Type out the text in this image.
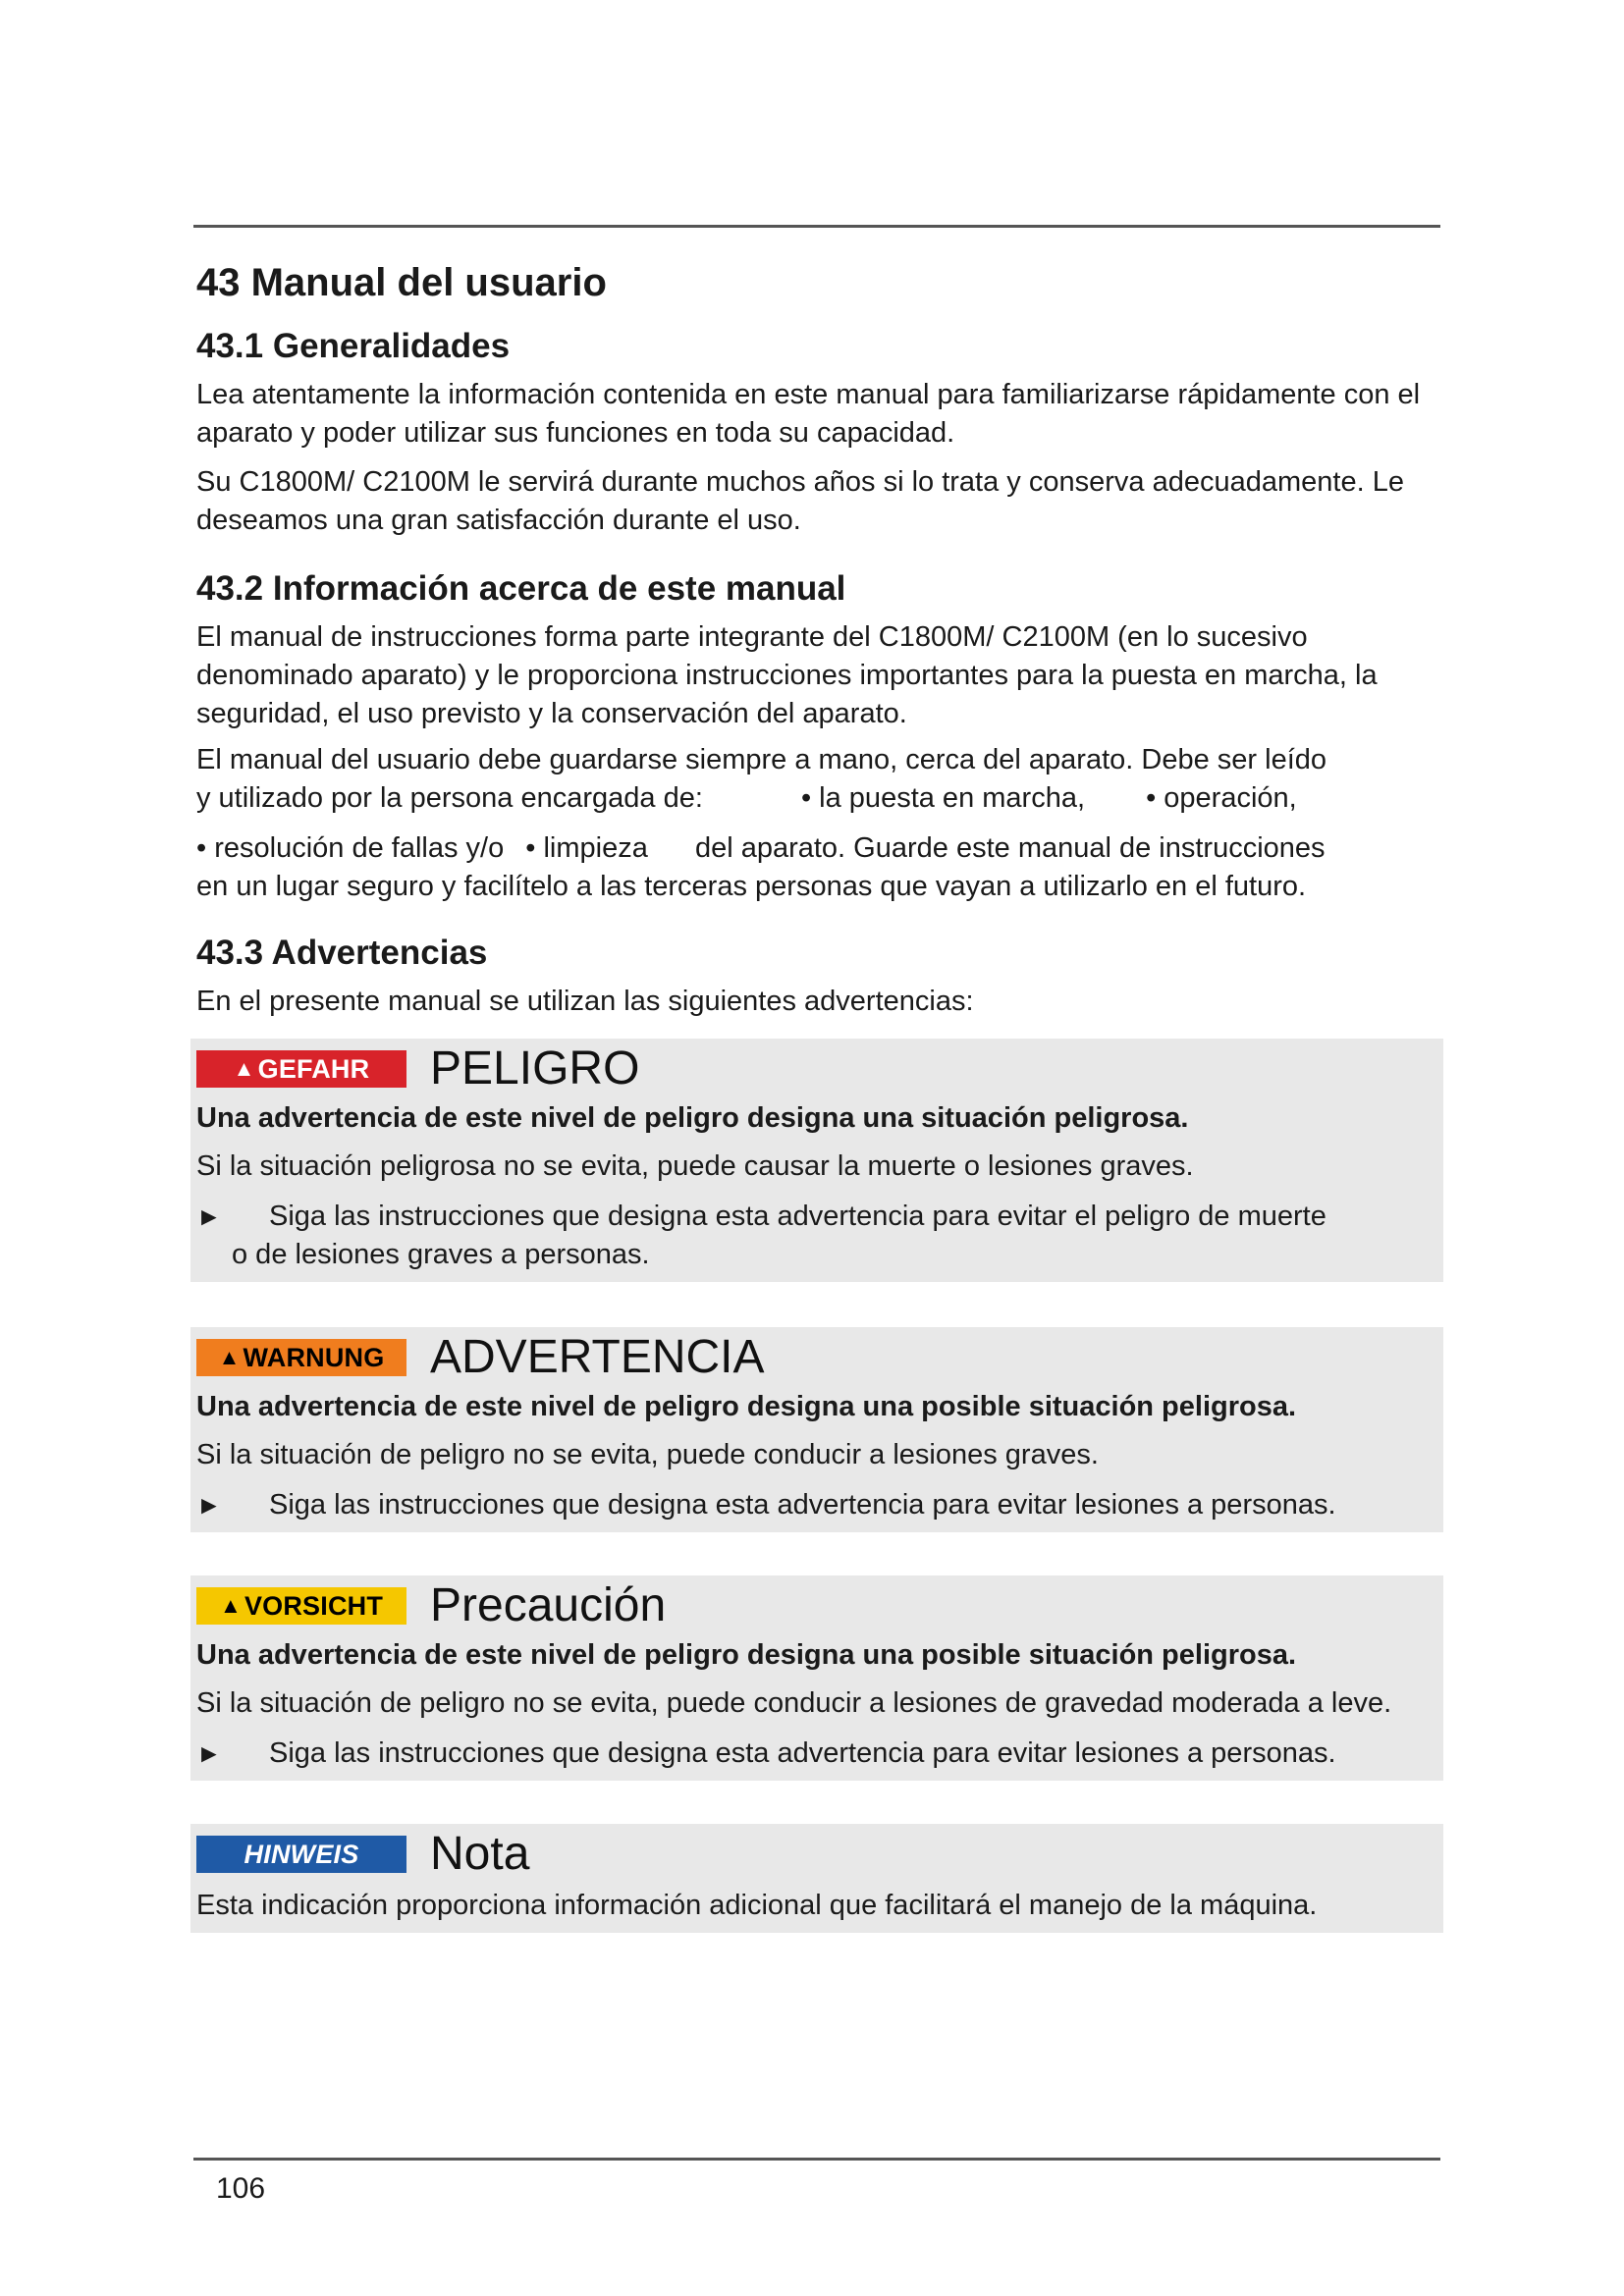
43 Manual del usuario
43.1 Generalidades

Lea atentamente la información contenida en este manual para familiarizarse rápidamente con el aparato y poder utilizar sus funciones en toda su capacidad.

Su C1800M/ C2100M le servirá durante muchos años si lo trata y conserva adecuadamente. Le deseamos una gran satisfacción durante el uso.

43.2 Información acerca de este manual

El manual de instrucciones forma parte integrante del C1800M/ C2100M (en lo sucesivo denominado aparato) y le proporciona instrucciones importantes para la puesta en marcha, la seguridad, el uso previsto y la conservación del aparato.

El manual del usuario debe guardarse siempre a mano, cerca del aparato. Debe ser leído
y utilizado por la persona encargada de:	• la puesta en marcha, • operación,

• resolución de fallas y/o • limpieza del aparato. Guarde este manual de instrucciones
en un lugar seguro y facilítelo a las terceras personas que vayan a utilizarlo en el futuro.

43.3 Advertencias

En el presente manual se utilizan las siguientes advertencias:

▲ GEFAHR PELIGRO

Una advertencia de este nivel de peligro designa una situación peligrosa.

Si la situación peligrosa no se evita, puede causar la muerte o lesiones graves.

►	Siga las instrucciones que designa esta advertencia para evitar el peligro de muerte
o de lesiones graves a personas.
▲ WARNUNG ADVERTENCIA

Una advertencia de este nivel de peligro designa una posible situación peligrosa.

Si la situación de peligro no se evita, puede conducir a lesiones graves.

►	Siga las instrucciones que designa esta advertencia para evitar lesiones a personas.
▲ VORSICHT Precaución

Una advertencia de este nivel de peligro designa una posible situación peligrosa.

Si la situación de peligro no se evita, puede conducir a lesiones de gravedad moderada a leve.

►	Siga las instrucciones que designa esta advertencia para evitar lesiones a personas.
HINWEIS Nota

Esta indicación proporciona información adicional que facilitará el manejo de la máquina.

106
